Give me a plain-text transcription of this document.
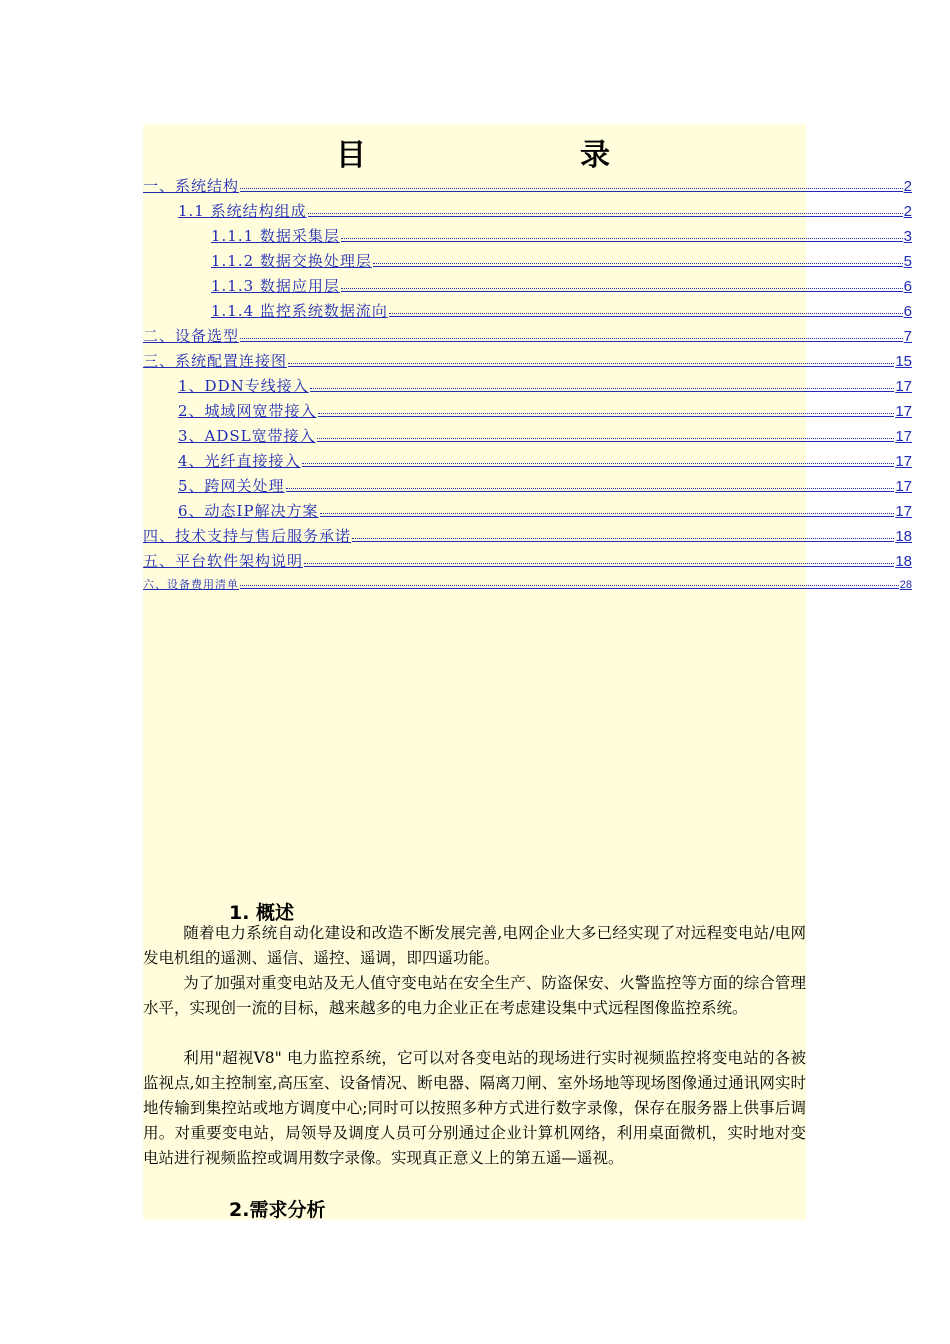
目	录
一、系统结构	2
1.1 系统结构组成	2
1.1.1 数据采集层	3
1.1.2 数据交换处理层	5
1.1.3 数据应用层	6
1.1.4 监控系统数据流向	6
二、设备选型	7
三、系统配置连接图	15
1、DDN专线接入	17
2、城域网宽带接入	17
3、ADSL宽带接入	17
4、光纤直接接入	17
5、跨网关处理	17
6、动态IP解决方案	17
四、技术支持与售后服务承诺	18
五、平台软件架构说明	18
六、设备费用清单	28
1. 概述

随着电力系统自动化建设和改造不断发展完善,电网企业大多已经实现了对远程变电站/电网发电机组的遥测、遥信、遥控、遥调，即四遥功能。

为了加强对重变电站及无人值守变电站在安全生产、防盗保安、火警监控等方面的综合管理水平，实现创一流的目标，越来越多的电力企业正在考虑建设集中式远程图像监控系统。

利用"超视V8" 电力监控系统，它可以对各变电站的现场进行实时视频监控将变电站的各被监视点,如主控制室,高压室、设备情况、断电器、隔离刀闸、室外场地等现场图像通过通讯网实时地传输到集控站或地方调度中心;同时可以按照多种方式进行数字录像，保存在服务器上供事后调用。对重要变电站，局领导及调度人员可分别通过企业计算机网络，利用桌面微机，实时地对变电站进行视频监控或调用数字录像。实现真正意义上的第五遥—遥视。

2.需求分析
